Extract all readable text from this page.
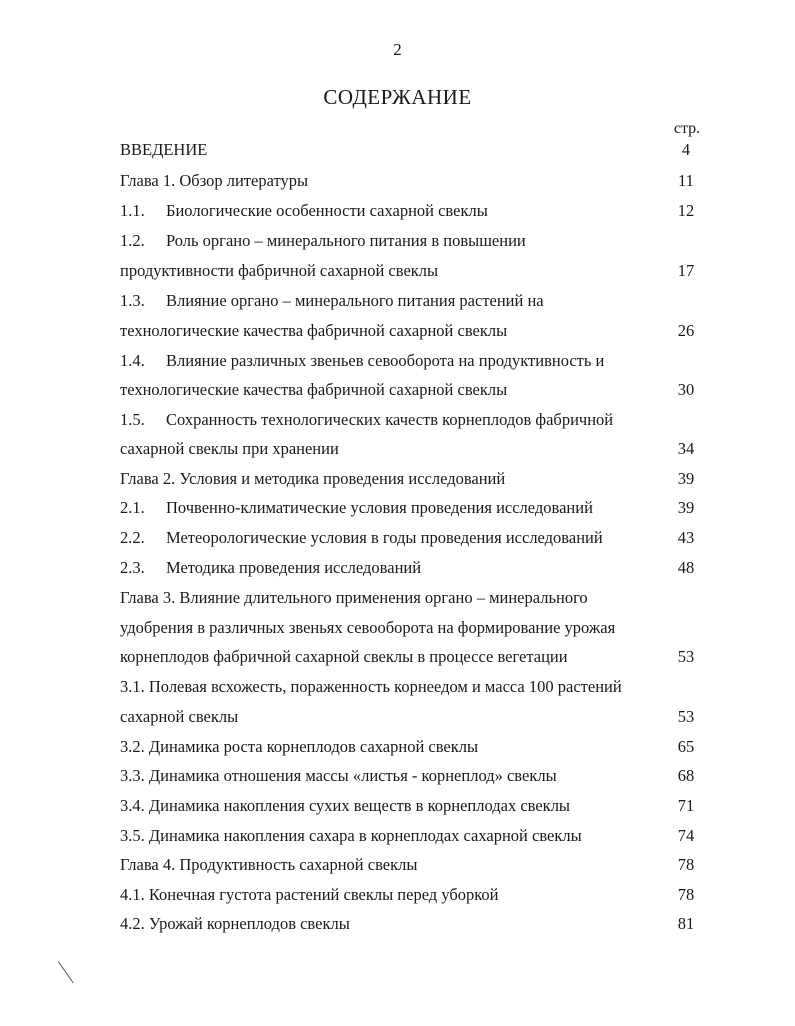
2
СОДЕРЖАНИЕ
стр.
ВВЕДЕНИЕ	4
Глава 1. Обзор литературы	11
1.1. Биологические особенности сахарной свеклы	12
1.2. Роль органо – минерального питания в повышении
продуктивности фабричной сахарной свеклы	17
1.3. Влияние органо – минерального питания растений на
технологические качества фабричной сахарной свеклы	26
1.4. Влияние различных звеньев севооборота на продуктивность и
технологические качества фабричной сахарной свеклы	30
1.5. Сохранность технологических качеств корнеплодов фабричной
сахарной свеклы при хранении	34
Глава 2. Условия и методика проведения исследований	39
2.1. Почвенно-климатические условия проведения исследований	39
2.2. Метеорологические условия в годы проведения исследований	43
2.3. Методика проведения исследований	48
Глава 3. Влияние длительного применения органо – минерального
удобрения в различных звеньях севооборота на формирование урожая
корнеплодов фабричной сахарной свеклы в процессе вегетации	53
3.1. Полевая всхожесть, пораженность корнеедом и масса 100 растений
сахарной свеклы	53
3.2. Динамика роста корнеплодов сахарной свеклы	65
3.3. Динамика отношения массы «листья - корнеплод» свеклы	68
3.4. Динамика накопления сухих веществ в корнеплодах свеклы	71
3.5. Динамика накопления сахара в корнеплодах сахарной свеклы	74
Глава 4. Продуктивность сахарной свеклы	78
4.1. Конечная густота растений свеклы перед уборкой	78
4.2. Урожай корнеплодов свеклы	81
